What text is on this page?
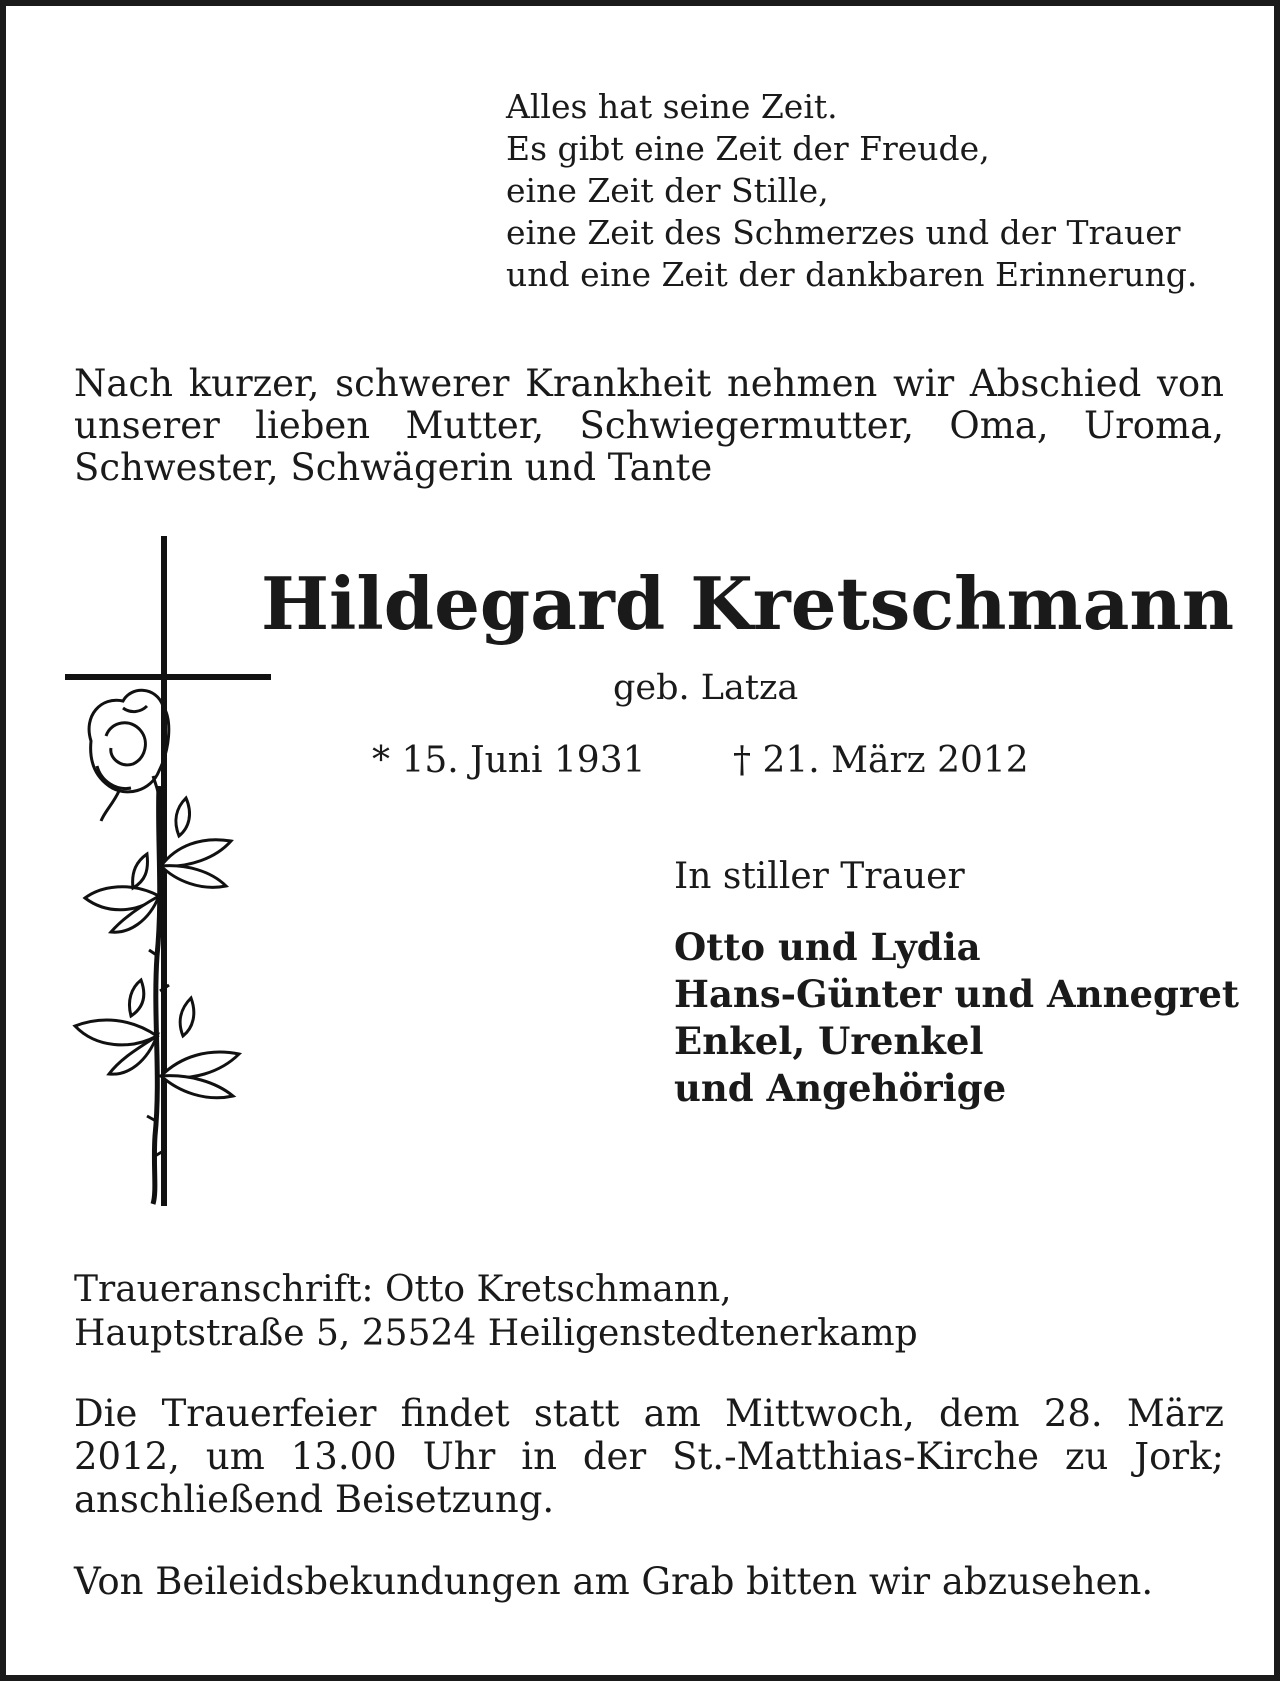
Alles hat seine Zeit.
Es gibt eine Zeit der Freude,
eine Zeit der Stille,
eine Zeit des Schmerzes und der Trauer
und eine Zeit der dankbaren Erinnerung.
Nach kurzer, schwerer Krankheit nehmen wir Abschied von unserer lieben Mutter, Schwiegermutter, Oma, Uroma, Schwester, Schwägerin und Tante
Hildegard Kretschmann
geb. Latza
* 15. Juni 1931 † 21. März 2012
In stiller Trauer
Otto und Lydia
Hans-Günter und Annegret
Enkel, Urenkel
und Angehörige
Traueranschrift: Otto Kretschmann,
Hauptstraße 5, 25524 Heiligenstedtenerkamp
Die Trauerfeier findet statt am Mittwoch, dem 28. März 2012, um 13.00 Uhr in der St.-Matthias-Kirche zu Jork; anschließend Beisetzung.
Von Beileidsbekundungen am Grab bitten wir abzusehen.
